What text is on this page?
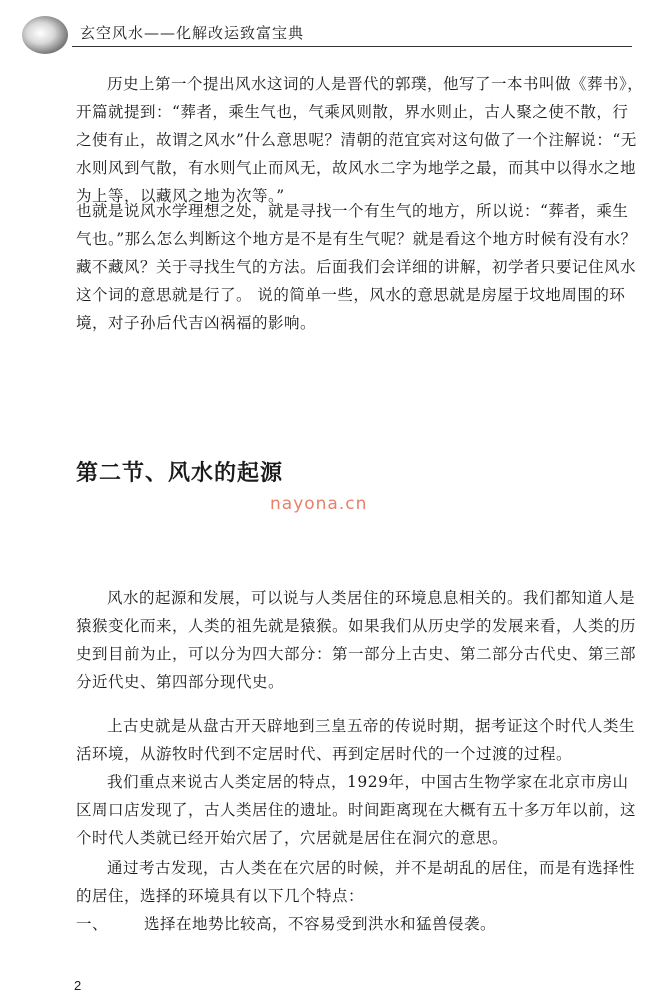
玄空风水——化解改运致富宝典

历史上第一个提出风水这词的人是晋代的郭璞，他写了一本书叫做《葬书》，开篇就提到：“葬者，乘生气也，气乘风则散，界水则止，古人聚之使不散，行之使有止，故谓之风水”什么意思呢？清朝的范宜宾对这句做了一个注解说：“无水则风到气散，有水则气止而风无，故风水二字为地学之最，而其中以得水之地为上等，以藏风之地为次等。”

也就是说风水学理想之处，就是寻找一个有生气的地方，所以说：“葬者，乘生气也。”那么怎么判断这个地方是不是有生气呢？就是看这个地方时候有没有水？藏不藏风？关于寻找生气的方法。后面我们会详细的讲解，初学者只要记住风水这个词的意思就是行了。 说的简单一些，风水的意思就是房屋于坟地周围的环境，对子孙后代吉凶祸福的影响。

第二节、风水的起源
nayona.cn

风水的起源和发展，可以说与人类居住的环境息息相关的。我们都知道人是猿猴变化而来，人类的祖先就是猿猴。如果我们从历史学的发展来看，人类的历史到目前为止，可以分为四大部分：第一部分上古史、第二部分古代史、第三部分近代史、第四部分现代史。

上古史就是从盘古开天辟地到三皇五帝的传说时期，据考证这个时代人类生活环境，从游牧时代到不定居时代、再到定居时代的一个过渡的过程。

我们重点来说古人类定居的特点，1929年，中国古生物学家在北京市房山区周口店发现了，古人类居住的遗址。时间距离现在大概有五十多万年以前，这个时代人类就已经开始穴居了，穴居就是居住在洞穴的意思。

通过考古发现，古人类在在穴居的时候，并不是胡乱的居住，而是有选择性的居住，选择的环境具有以下几个特点：

一、 选择在地势比较高，不容易受到洪水和猛兽侵袭。
2
